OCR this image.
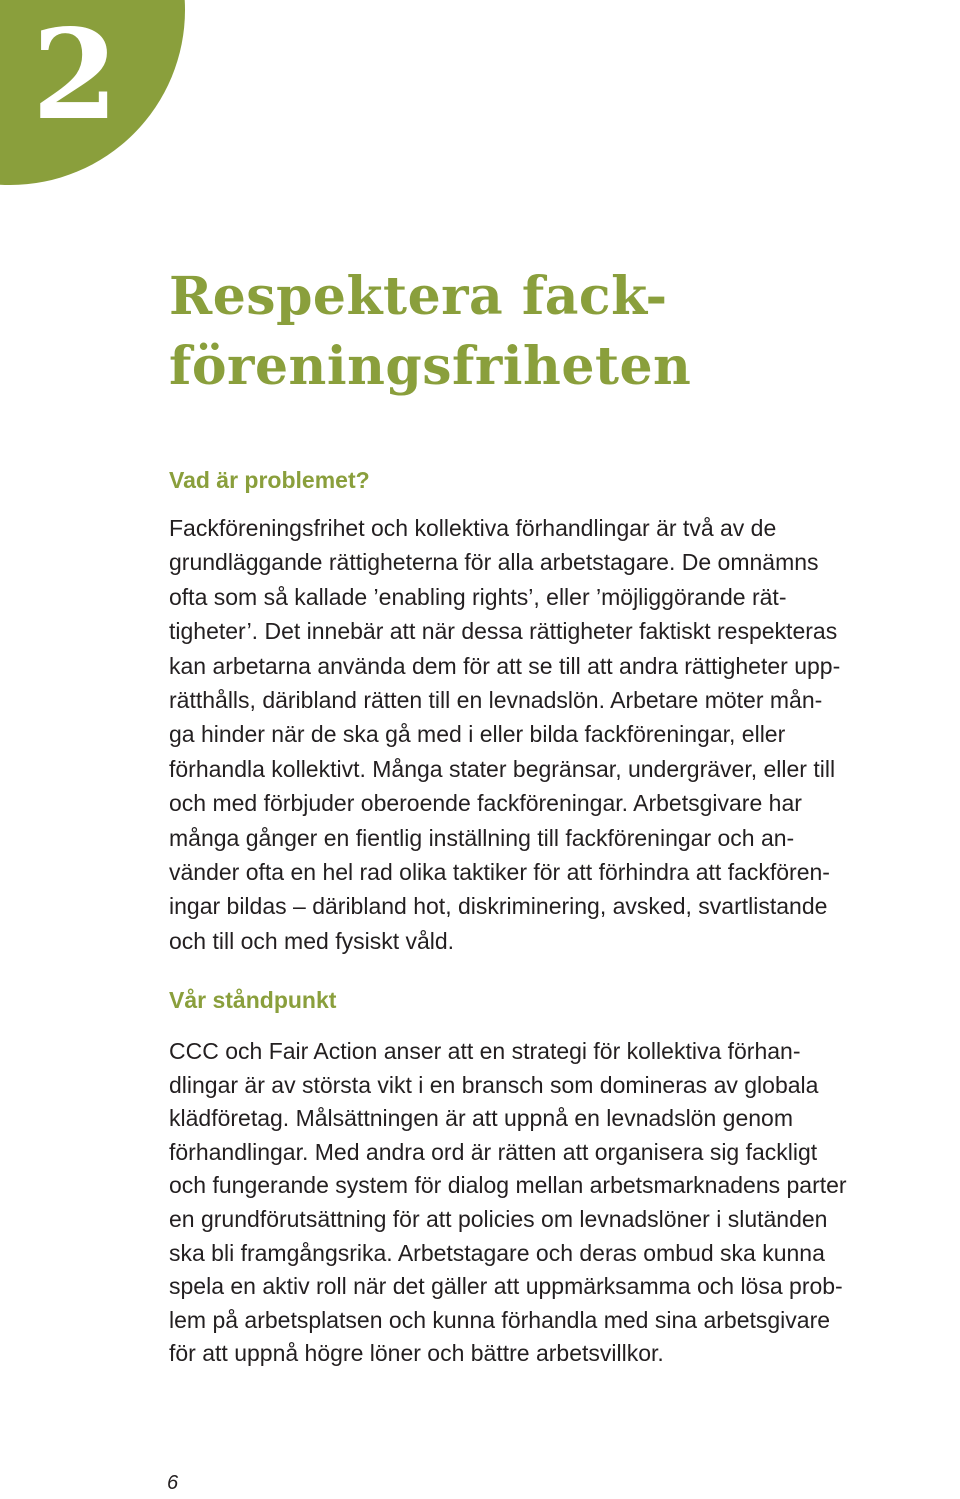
2
Respektera fack-
föreningsfriheten
Vad är problemet?

Fackföreningsfrihet och kollektiva förhandlingar är två av de
grundläggande rättigheterna för alla arbetstagare. De omnämns
ofta som så kallade ’enabling rights’, eller ’möjliggörande rät-
tigheter’. Det innebär att när dessa rättigheter faktiskt respekteras
kan arbetarna använda dem för att se till att andra rättigheter upp-
rätthålls, däribland rätten till en levnadslön. Arbetare möter mån-
ga hinder när de ska gå med i eller bilda fackföreningar, eller
förhandla kollektivt. Många stater begränsar, undergräver, eller till
och med förbjuder oberoende fackföreningar. Arbetsgivare har
många gånger en fientlig inställning till fackföreningar och an-
vänder ofta en hel rad olika taktiker för att förhindra att fackfören-
ingar bildas – däribland hot, diskriminering, avsked, svartlistande
och till och med fysiskt våld.

Vår ståndpunkt

CCC och Fair Action anser att en strategi för kollektiva förhan-
dlingar är av största vikt i en bransch som domineras av globala
klädföretag. Målsättningen är att uppnå en levnadslön genom
förhandlingar. Med andra ord är rätten att organisera sig fackligt
och fungerande system för dialog mellan arbetsmarknadens parter
en grundförutsättning för att policies om levnadslöner i slutänden
ska bli framgångsrika. Arbetstagare och deras ombud ska kunna
spela en aktiv roll när det gäller att uppmärksamma och lösa prob-
lem på arbetsplatsen och kunna förhandla med sina arbetsgivare
för att uppnå högre löner och bättre arbetsvillkor.

6
